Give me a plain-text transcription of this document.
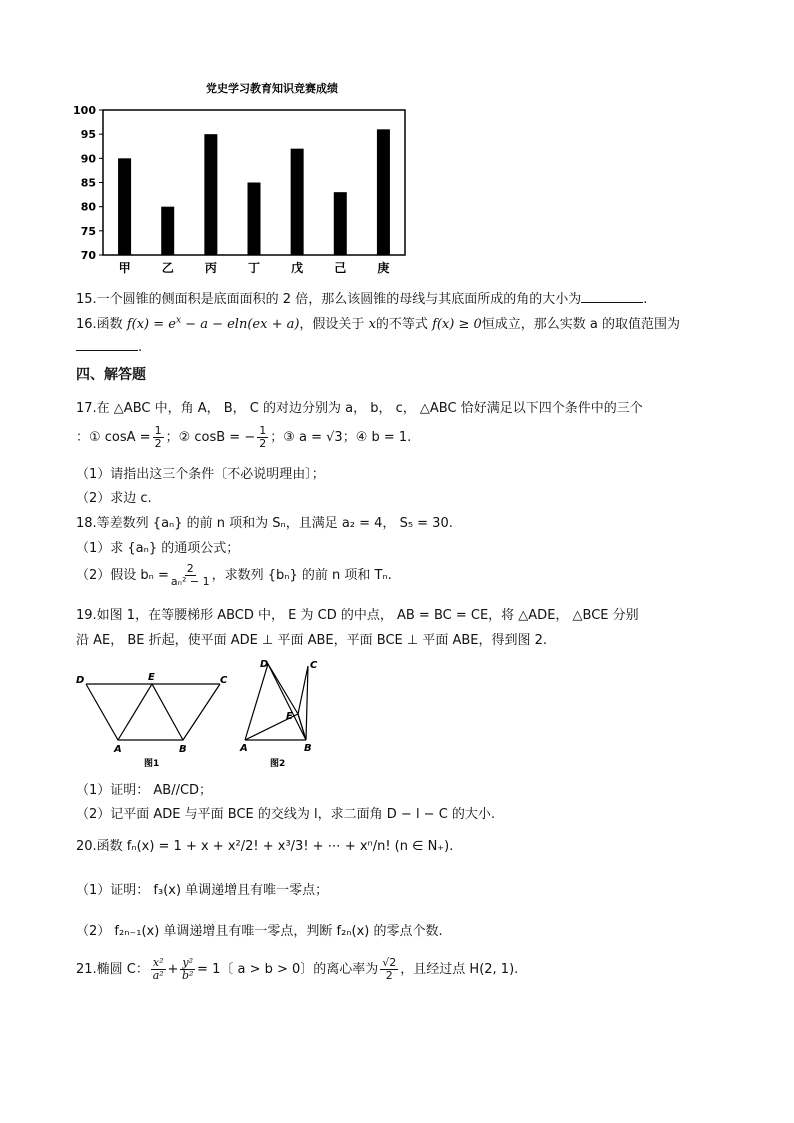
党史学习教育知识竞赛成绩
70
75
80
85
90
95
100
甲	乙	丙	丁	戊	己	庚
15.一个圆锥的侧面积是底面面积的 2 倍，那么该圆锥的母线与其底面所成的角的大小为	.
16.函数 $f(x) = e^x - a - eln(ex + a)$，假设关于 x的不等式 f(x) ≥ 0恒成立，那么实数 a 的取值范围为
.
四、解答题
17.在 △ABC 中，角 A， B， C 的对边分别为 a， b， c， △ABC 恰好满足以下四个条件中的三个
：① $\cos A = \frac{1}{2}$ ；② cosB = − $\frac{1}{2}$ ；③ a = √3；④ b = 1.
（1）请指出这三个条件〔不必说明理由〕；
（2）求边 c.
18.等差数列 {aₙ} 的前 n 项和为 Sₙ，且满足 a₂ = 4， S₅ = 30.
（1）求 {aₙ} 的通项公式；
（2）假设 $b_n = \frac{2}{\text{aₙ² − 1}}$ ，求数列 {bₙ} 的前 n 项和 Tₙ.
19.如图 1，在等腰梯形 ABCD 中， E 为 CD 的中点， AB = BC = CE，将 △ADE， △BCE 分别
沿 AE， BE 折起，使平面 ADE ⊥ 平面 ABE，平面 BCE ⊥ 平面 ABE，得到图 2.
D	E	C
A	B
图1
D	C
E
A	B
图2
（1）证明： AB//CD；
（2）记平面 ADE 与平面 BCE 的交线为 l，求二面角 D − l − C 的大小.
20.函数 fₙ(x) = 1 + x + x²/2! + x³/3! + ⋯ + xⁿ/n! (n ∈ N₊).
（1）证明： f₃(x) 单调递增且有唯一零点；
（2） f₂ₙ₋₁(x) 单调递增且有唯一零点，判断 f₂ₙ(x) 的零点个数.
21.椭圆 C： $\frac{\text{x²}}{\text{a²}} + \frac{\text{y²}}{\text{b²}} = 1$〔 a > b > 0〕的离心率为 $\frac{√2}{2}$ ，且经过点 H(2, 1).
